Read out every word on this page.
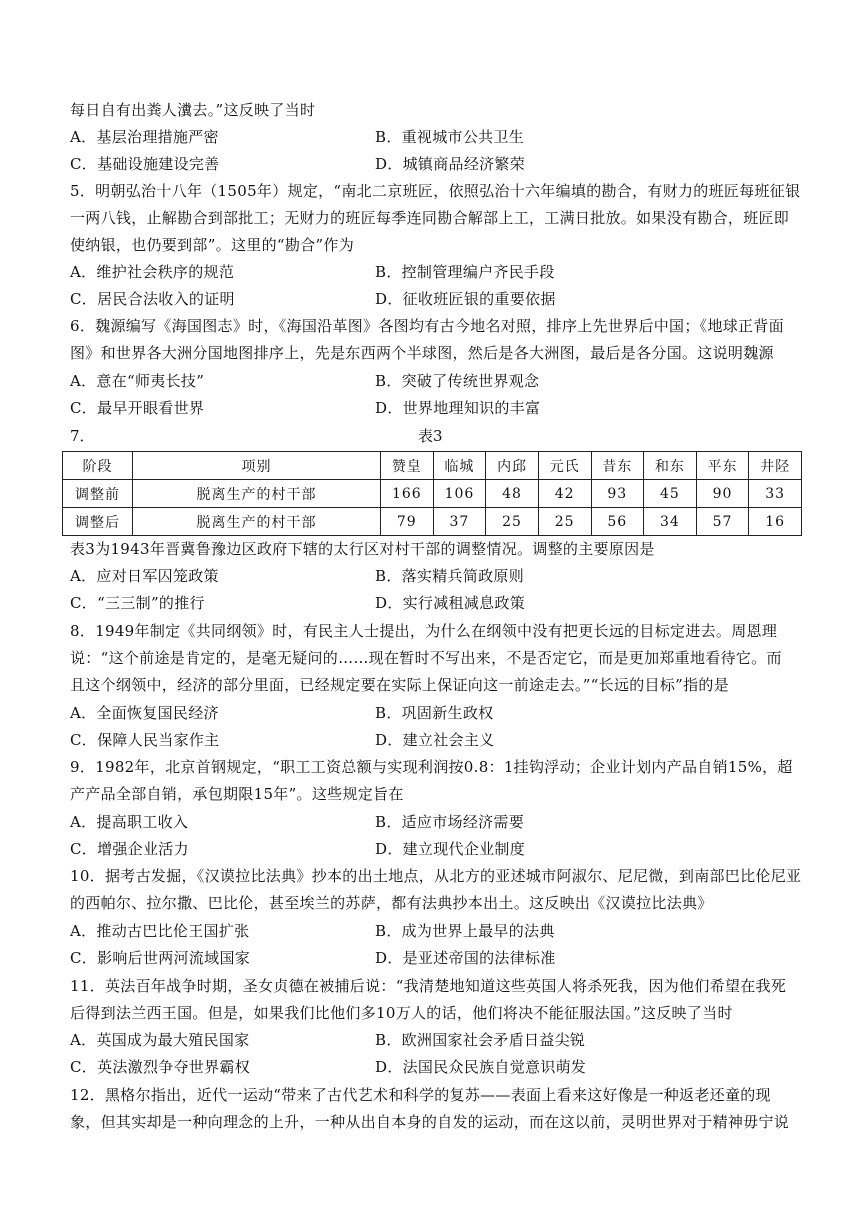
每日自有出粪人瀵去。”这反映了当时
A．基层治理措施严密	B．重视城市公共卫生
C．基础设施建设完善	D．城镇商品经济繁荣
5．明朝弘治十八年（1505年）规定，“南北二京班匠，依照弘治十六年编填的勘合，有财力的班匠每班征银
一两八钱，止解勘合到部批工；无财力的班匠每季连同勘合解部上工，工满日批放。如果没有勘合，班匠即
使纳银，也仍要到部”。这里的“勘合”作为
A．维护社会秩序的规范	B．控制管理编户齐民手段
C．居民合法收入的证明	D．征收班匠银的重要依据
6．魏源编写《海国图志》时，《海国沿革图》各图均有古今地名对照，排序上先世界后中国；《地球正背面
图》和世界各大洲分国地图排序上，先是东西两个半球图，然后是各大洲图，最后是各分国。这说明魏源
A．意在“师夷长技”	B．突破了传统世界观念
C．最早开眼看世界	D．世界地理知识的丰富
7．	表3
阶段	项别	赞皇	临城	内邱	元氏	昔东	和东	平东	井陉
调整前	脱离生产的村干部	166	106	48	42	93	45	90	33
调整后	脱离生产的村干部	79	37	25	25	56	34	57	16
表3为1943年晋冀鲁豫边区政府下辖的太行区对村干部的调整情况。调整的主要原因是
A．应对日军囚笼政策	B．落实精兵简政原则
C．“三三制”的推行	D．实行减租减息政策
8．1949年制定《共同纲领》时，有民主人士提出，为什么在纲领中没有把更长远的目标定进去。周恩理
说：“这个前途是肯定的，是毫无疑问的……现在暂时不写出来，不是否定它，而是更加郑重地看待它。而
且这个纲领中，经济的部分里面，已经规定要在实际上保证向这一前途走去。”“长远的目标”指的是
A．全面恢复国民经济	B．巩固新生政权
C．保障人民当家作主	D．建立社会主义
9．1982年，北京首钢规定，“职工工资总额与实现利润按0.8：1挂钩浮动；企业计划内产品自销15%，超
产产品全部自销，承包期限15年”。这些规定旨在
A．提高职工收入	B．适应市场经济需要
C．增强企业活力	D．建立现代企业制度
10．据考古发掘，《汉谟拉比法典》抄本的出土地点，从北方的亚述城市阿淑尔、尼尼微，到南部巴比伦尼亚
的西帕尔、拉尔撒、巴比伦，甚至埃兰的苏萨，都有法典抄本出土。这反映出《汉谟拉比法典》
A．推动古巴比伦王国扩张	B．成为世界上最早的法典
C．影响后世两河流域国家	D．是亚述帝国的法律标准
11．英法百年战争时期，圣女贞德在被捕后说：“我清楚地知道这些英国人将杀死我，因为他们希望在我死
后得到法兰西王国。但是，如果我们比他们多10万人的话，他们将决不能征服法国。”这反映了当时
A．英国成为最大殖民国家	B．欧洲国家社会矛盾日益尖锐
C．英法激烈争夺世界霸权	D．法国民众民族自觉意识萌发
12．黑格尔指出，近代一运动“带来了古代艺术和科学的复苏——表面上看来这好像是一种返老还童的现
象，但其实却是一种向理念的上升，一种从出自本身的自发的运动，而在这以前，灵明世界对于精神毋宁说
